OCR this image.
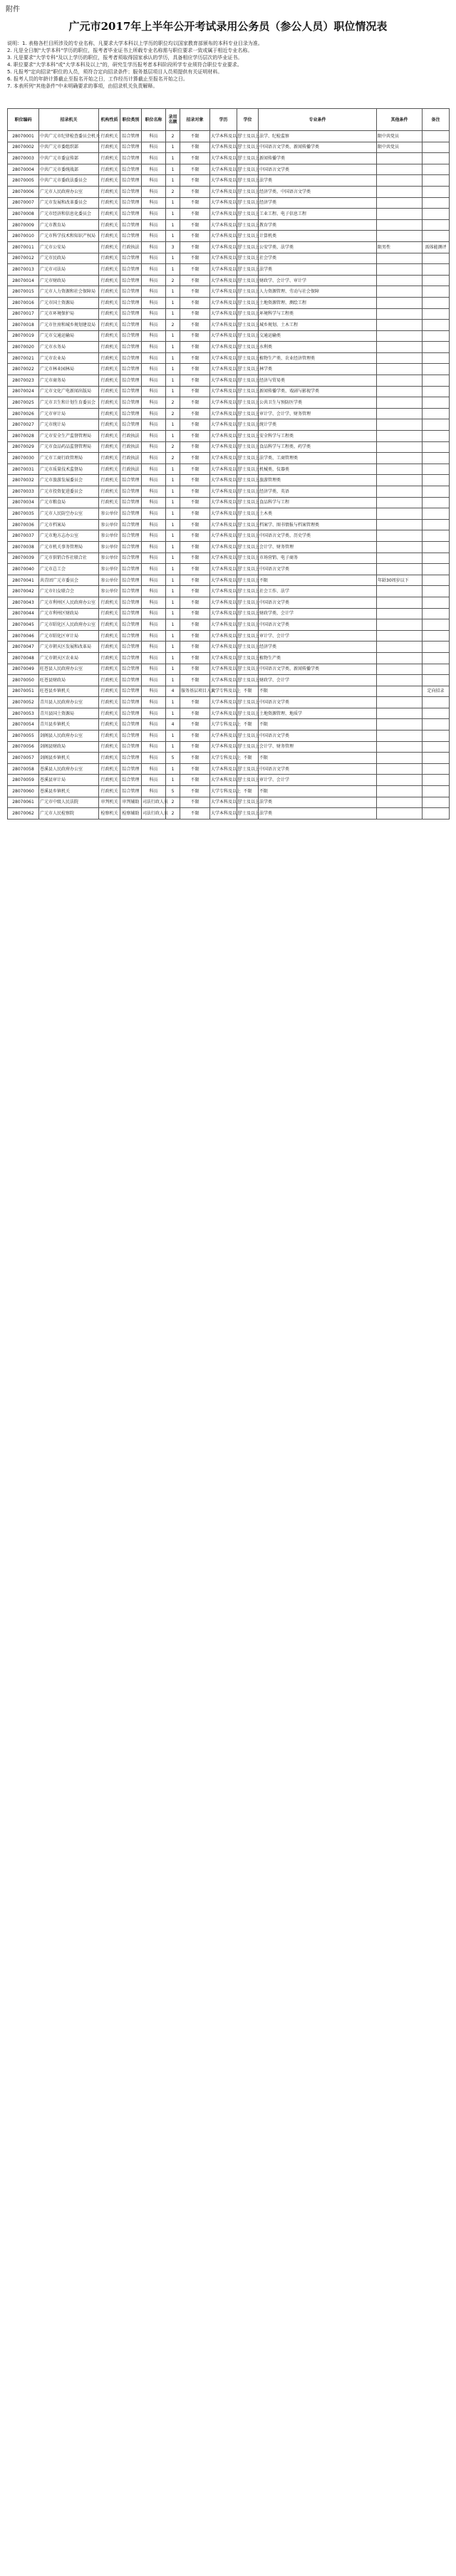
附件
广元市2017年上半年公开考试录用公务员（参公人员）职位情况表
说明：1. 表格各栏目所涉及的专业名称，凡要求大学本科以上学历的职位均以国家教育部颁布的本科专业目录为准。
2. 凡是全日制"大学本科"学历的职位，报考者毕业证书上所载专业名称需与职位要求一致或属于相近专业名称。
3. 凡是要求"大学专科"及以上学历的职位，报考者须取得国家承认的学历，具备相应学历层次的毕业证书。
4. 职位要求"大学本科"或"大学本科及以上"的，研究生学历报考者本科阶段所学专业须符合职位专业要求。
5. 凡报考"定向招录"职位的人员，须符合定向招录条件；服务基层项目人员须提供有关证明材料。
6. 报考人员的年龄计算截止至报名开始之日，工作经历计算截止至报名开始之日。
7. 本表所列"其他条件"中未明确要求的事项，由招录机关负责解释。
职位编码	招录机关	机构性质	职位类别	职位名称	录用名额	招录对象	学历	学位	专业条件	其他条件	备注
28070001	中共广元市纪律检查委员会机关	行政机关	综合管理	科员	2	不限	大学本科及以上	学士及以上	法学、纪检监察	限中共党员	
28070002	中共广元市委组织部	行政机关	综合管理	科员	1	不限	大学本科及以上	学士及以上	中国语言文学类、新闻传播学类	限中共党员	
28070003	中共广元市委宣传部	行政机关	综合管理	科员	1	不限	大学本科及以上	学士及以上	新闻传播学类		
28070004	中共广元市委统战部	行政机关	综合管理	科员	1	不限	大学本科及以上	学士及以上	中国语言文学类		
28070005	中共广元市委政法委员会	行政机关	综合管理	科员	1	不限	大学本科及以上	学士及以上	法学类		
28070006	广元市人民政府办公室	行政机关	综合管理	科员	2	不限	大学本科及以上	学士及以上	经济学类、中国语言文学类		
28070007	广元市发展和改革委员会	行政机关	综合管理	科员	1	不限	大学本科及以上	学士及以上	经济学类		
28070008	广元市经济和信息化委员会	行政机关	综合管理	科员	1	不限	大学本科及以上	学士及以上	工业工程、电子信息工程		
28070009	广元市教育局	行政机关	综合管理	科员	1	不限	大学本科及以上	学士及以上	教育学类		
28070010	广元市科学技术和知识产权局	行政机关	综合管理	科员	1	不限	大学本科及以上	学士及以上	计算机类		
28070011	广元市公安局	行政机关	行政执法	科员	3	不限	大学本科及以上	学士及以上	公安学类、法学类	限男性	需体能测评
28070012	广元市民政局	行政机关	综合管理	科员	1	不限	大学本科及以上	学士及以上	社会学类		
28070013	广元市司法局	行政机关	综合管理	科员	1	不限	大学本科及以上	学士及以上	法学类		
28070014	广元市财政局	行政机关	综合管理	科员	2	不限	大学本科及以上	学士及以上	财政学、会计学、审计学		
28070015	广元市人力资源和社会保障局	行政机关	综合管理	科员	1	不限	大学本科及以上	学士及以上	人力资源管理、劳动与社会保障		
28070016	广元市国土资源局	行政机关	综合管理	科员	1	不限	大学本科及以上	学士及以上	土地资源管理、测绘工程		
28070017	广元市环境保护局	行政机关	综合管理	科员	1	不限	大学本科及以上	学士及以上	环境科学与工程类		
28070018	广元市住房和城乡规划建设局	行政机关	综合管理	科员	2	不限	大学本科及以上	学士及以上	城乡规划、土木工程		
28070019	广元市交通运输局	行政机关	综合管理	科员	1	不限	大学本科及以上	学士及以上	交通运输类		
28070020	广元市水务局	行政机关	综合管理	科员	1	不限	大学本科及以上	学士及以上	水利类		
28070021	广元市农业局	行政机关	综合管理	科员	1	不限	大学本科及以上	学士及以上	植物生产类、农业经济管理类		
28070022	广元市林业园林局	行政机关	综合管理	科员	1	不限	大学本科及以上	学士及以上	林学类		
28070023	广元市商务局	行政机关	综合管理	科员	1	不限	大学本科及以上	学士及以上	经济与贸易类		
28070024	广元市文化广电新闻出版局	行政机关	综合管理	科员	1	不限	大学本科及以上	学士及以上	新闻传播学类、戏剧与影视学类		
28070025	广元市卫生和计划生育委员会	行政机关	综合管理	科员	2	不限	大学本科及以上	学士及以上	公共卫生与预防医学类		
28070026	广元市审计局	行政机关	综合管理	科员	2	不限	大学本科及以上	学士及以上	审计学、会计学、财务管理		
28070027	广元市统计局	行政机关	综合管理	科员	1	不限	大学本科及以上	学士及以上	统计学类		
28070028	广元市安全生产监督管理局	行政机关	行政执法	科员	1	不限	大学本科及以上	学士及以上	安全科学与工程类		
28070029	广元市食品药品监督管理局	行政机关	行政执法	科员	2	不限	大学本科及以上	学士及以上	食品科学与工程类、药学类		
28070030	广元市工商行政管理局	行政机关	行政执法	科员	2	不限	大学本科及以上	学士及以上	法学类、工商管理类		
28070031	广元市质量技术监督局	行政机关	行政执法	科员	1	不限	大学本科及以上	学士及以上	机械类、仪器类		
28070032	广元市旅游发展委员会	行政机关	综合管理	科员	1	不限	大学本科及以上	学士及以上	旅游管理类		
28070033	广元市投资促进委员会	行政机关	综合管理	科员	1	不限	大学本科及以上	学士及以上	经济学类、英语		
28070034	广元市粮食局	行政机关	综合管理	科员	1	不限	大学本科及以上	学士及以上	食品科学与工程		
28070035	广元市人民防空办公室	参公单位	综合管理	科员	1	不限	大学本科及以上	学士及以上	土木类		
28070036	广元市档案局	参公单位	综合管理	科员	1	不限	大学本科及以上	学士及以上	档案学、图书情报与档案管理类		
28070037	广元市地方志办公室	参公单位	综合管理	科员	1	不限	大学本科及以上	学士及以上	中国语言文学类、历史学类		
28070038	广元市机关事务管理局	参公单位	综合管理	科员	1	不限	大学本科及以上	学士及以上	会计学、财务管理		
28070039	广元市供销合作社联合社	参公单位	综合管理	科员	1	不限	大学本科及以上	学士及以上	市场营销、电子商务		
28070040	广元市总工会	参公单位	综合管理	科员	1	不限	大学本科及以上	学士及以上	中国语言文学类		
28070041	共青团广元市委员会	参公单位	综合管理	科员	1	不限	大学本科及以上	学士及以上	不限	年龄30周岁以下	
28070042	广元市妇女联合会	参公单位	综合管理	科员	1	不限	大学本科及以上	学士及以上	社会工作、法学		
28070043	广元市利州区人民政府办公室	行政机关	综合管理	科员	1	不限	大学本科及以上	学士及以上	中国语言文学类		
28070044	广元市利州区财政局	行政机关	综合管理	科员	1	不限	大学本科及以上	学士及以上	财政学类、会计学		
28070045	广元市昭化区人民政府办公室	行政机关	综合管理	科员	1	不限	大学本科及以上	学士及以上	中国语言文学类		
28070046	广元市昭化区审计局	行政机关	综合管理	科员	1	不限	大学本科及以上	学士及以上	审计学、会计学		
28070047	广元市朝天区发展和改革局	行政机关	综合管理	科员	1	不限	大学本科及以上	学士及以上	经济学类		
28070048	广元市朝天区农业局	行政机关	综合管理	科员	1	不限	大学本科及以上	学士及以上	植物生产类		
28070049	旺苍县人民政府办公室	行政机关	综合管理	科员	1	不限	大学本科及以上	学士及以上	中国语言文学类、新闻传播学类		
28070050	旺苍县财政局	行政机关	综合管理	科员	1	不限	大学本科及以上	学士及以上	财政学、会计学		
28070051	旺苍县乡镇机关	行政机关	综合管理	科员	4	服务基层项目人员	大学专科及以上	不限	不限		定向招录
28070052	青川县人民政府办公室	行政机关	综合管理	科员	1	不限	大学本科及以上	学士及以上	中国语言文学类		
28070053	青川县国土资源局	行政机关	综合管理	科员	1	不限	大学本科及以上	学士及以上	土地资源管理、地质学		
28070054	青川县乡镇机关	行政机关	综合管理	科员	4	不限	大学专科及以上	不限	不限		
28070055	剑阁县人民政府办公室	行政机关	综合管理	科员	1	不限	大学本科及以上	学士及以上	中国语言文学类		
28070056	剑阁县财政局	行政机关	综合管理	科员	1	不限	大学本科及以上	学士及以上	会计学、财务管理		
28070057	剑阁县乡镇机关	行政机关	综合管理	科员	5	不限	大学专科及以上	不限	不限		
28070058	苍溪县人民政府办公室	行政机关	综合管理	科员	1	不限	大学本科及以上	学士及以上	中国语言文学类		
28070059	苍溪县审计局	行政机关	综合管理	科员	1	不限	大学本科及以上	学士及以上	审计学、会计学		
28070060	苍溪县乡镇机关	行政机关	综合管理	科员	5	不限	大学专科及以上	不限	不限		
28070061	广元市中级人民法院	审判机关	审判辅助	司法行政人员	2	不限	大学本科及以上	学士及以上	法学类		
28070062	广元市人民检察院	检察机关	检察辅助	司法行政人员	2	不限	大学本科及以上	学士及以上	法学类		
